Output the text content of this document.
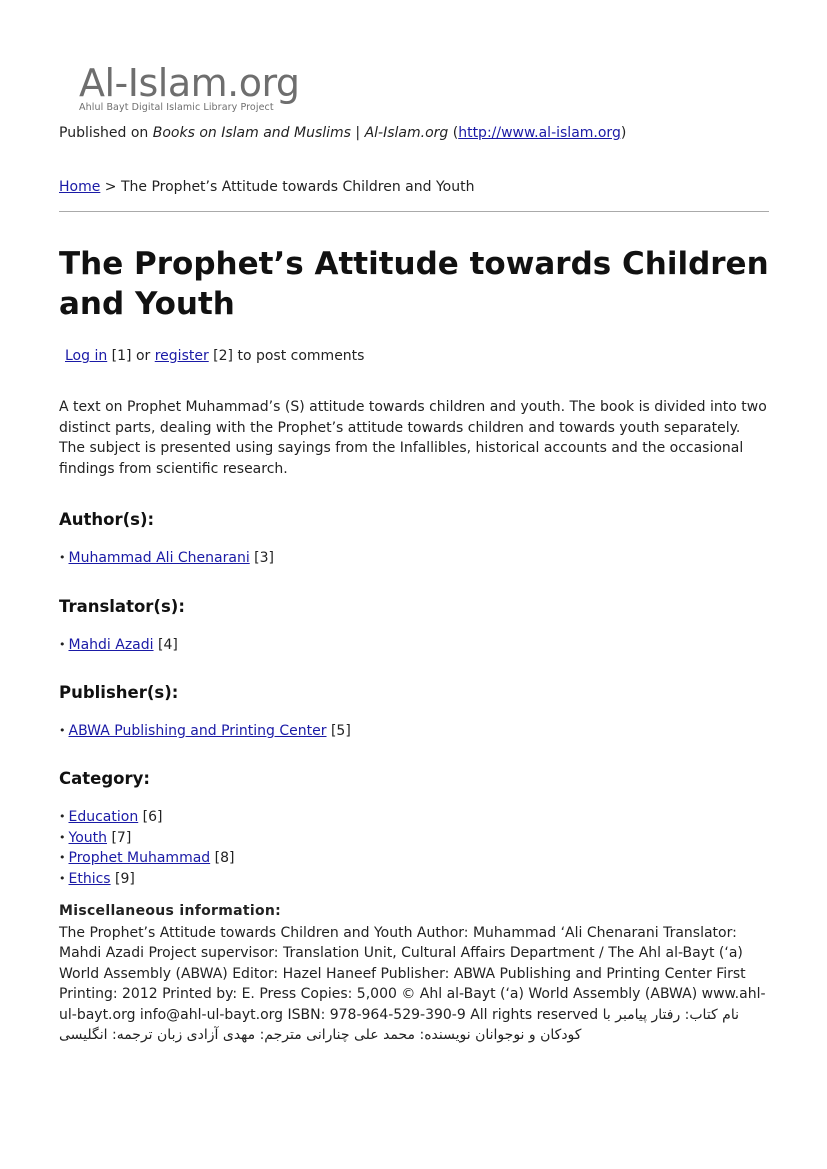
Al-Islam.org
Ahlul Bayt Digital Islamic Library Project
Published on Books on Islam and Muslims | Al-Islam.org (http://www.al-islam.org)
Home > The Prophet’s Attitude towards Children and Youth
The Prophet’s Attitude towards Children and Youth
Log in [1] or register [2] to post comments

A text on Prophet Muhammad’s (S) attitude towards children and youth. The book is divided into two distinct parts, dealing with the Prophet’s attitude towards children and towards youth separately. The subject is presented using sayings from the Infallibles, historical accounts and the occasional findings from scientific research.

Author(s):
• Muhammad Ali Chenarani [3]
Translator(s):
• Mahdi Azadi [4]
Publisher(s):
• ABWA Publishing and Printing Center [5]
Category:
• Education [6]
• Youth [7]
• Prophet Muhammad [8]
• Ethics [9]
Miscellaneous information:

The Prophet’s Attitude towards Children and Youth Author: Muhammad ‘Ali Chenarani Translator: Mahdi Azadi Project supervisor: Translation Unit, Cultural Affairs Department / The Ahl al-Bayt (‘a) World Assembly (ABWA) Editor: Hazel Haneef Publisher: ABWA Publishing and Printing Center First Printing: 2012 Printed by: E. Press Copies: 5,000 © Ahl al-Bayt (‘a) World Assembly (ABWA) www.ahl-ul-bayt.org info@ahl-ul-bayt.org ISBN: 978-964-529-390-9 All rights reserved نام کتاب: رفتار پیامبر با کودکان و نوجوانان نویسنده: محمد علی چنارانی مترجم: مهدی آزادی زبان ترجمه: انگلیسی
